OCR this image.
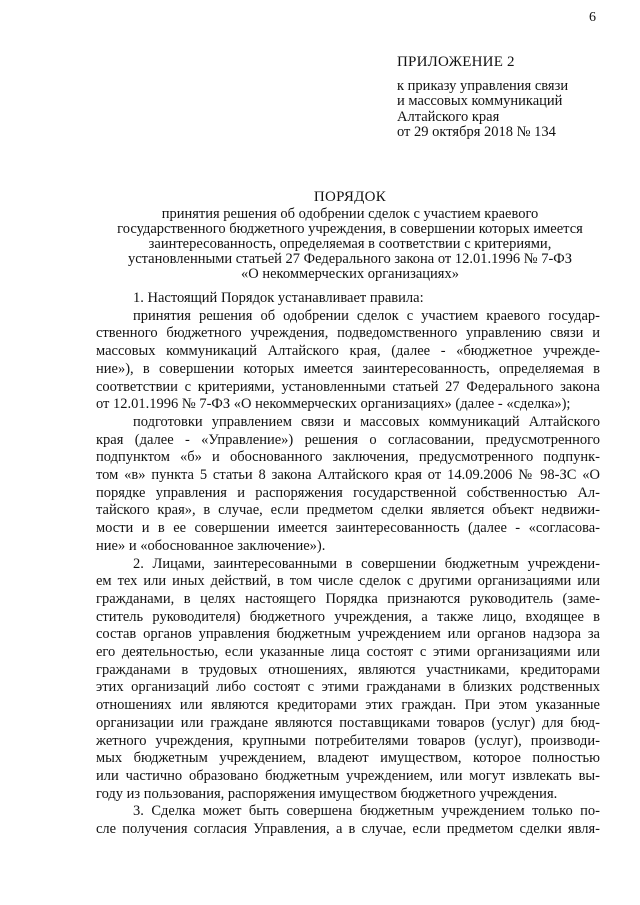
6
ПРИЛОЖЕНИЕ 2
к приказу управления связи
и массовых коммуникаций
Алтайского края
от 29 октября 2018 № 134
ПОРЯДОК
принятия решения об одобрении сделок с участием краевого
государственного бюджетного учреждения, в совершении которых имеется
заинтересованность, определяемая в соответствии с критериями,
установленными статьей 27 Федерального закона от 12.01.1996 № 7-ФЗ
«О некоммерческих организациях»
1. Настоящий Порядок устанавливает правила:
принятия решения об одобрении сделок с участием краевого государ-
ственного бюджетного учреждения, подведомственного управлению связи и
массовых коммуникаций Алтайского края, (далее - «бюджетное учрежде-
ние»), в совершении которых имеется заинтересованность, определяемая в
соответствии с критериями, установленными статьей 27 Федерального закона
от 12.01.1996 № 7-ФЗ «О некоммерческих организациях» (далее - «сделка»);
подготовки управлением связи и массовых коммуникаций Алтайского
края (далее - «Управление») решения о согласовании, предусмотренного
подпунктом «б» и обоснованного заключения, предусмотренного подпунк-
том «в» пункта 5 статьи 8 закона Алтайского края от 14.09.2006 № 98-ЗС «О
порядке управления и распоряжения государственной собственностью Ал-
тайского края», в случае, если предметом сделки является объект недвижи-
мости и в ее совершении имеется заинтересованность (далее - «согласова-
ние» и «обоснованное заключение»).
2. Лицами, заинтересованными в совершении бюджетным учреждени-
ем тех или иных действий, в том числе сделок с другими организациями или
гражданами, в целях настоящего Порядка признаются руководитель (заме-
ститель руководителя) бюджетного учреждения, а также лицо, входящее в
состав органов управления бюджетным учреждением или органов надзора за
его деятельностью, если указанные лица состоят с этими организациями или
гражданами в трудовых отношениях, являются участниками, кредиторами
этих организаций либо состоят с этими гражданами в близких родственных
отношениях или являются кредиторами этих граждан. При этом указанные
организации или граждане являются поставщиками товаров (услуг) для бюд-
жетного учреждения, крупными потребителями товаров (услуг), производи-
мых бюджетным учреждением, владеют имуществом, которое полностью
или частично образовано бюджетным учреждением, или могут извлекать вы-
году из пользования, распоряжения имуществом бюджетного учреждения.
3. Сделка может быть совершена бюджетным учреждением только по-
сле получения согласия Управления, а в случае, если предметом сделки явля-
